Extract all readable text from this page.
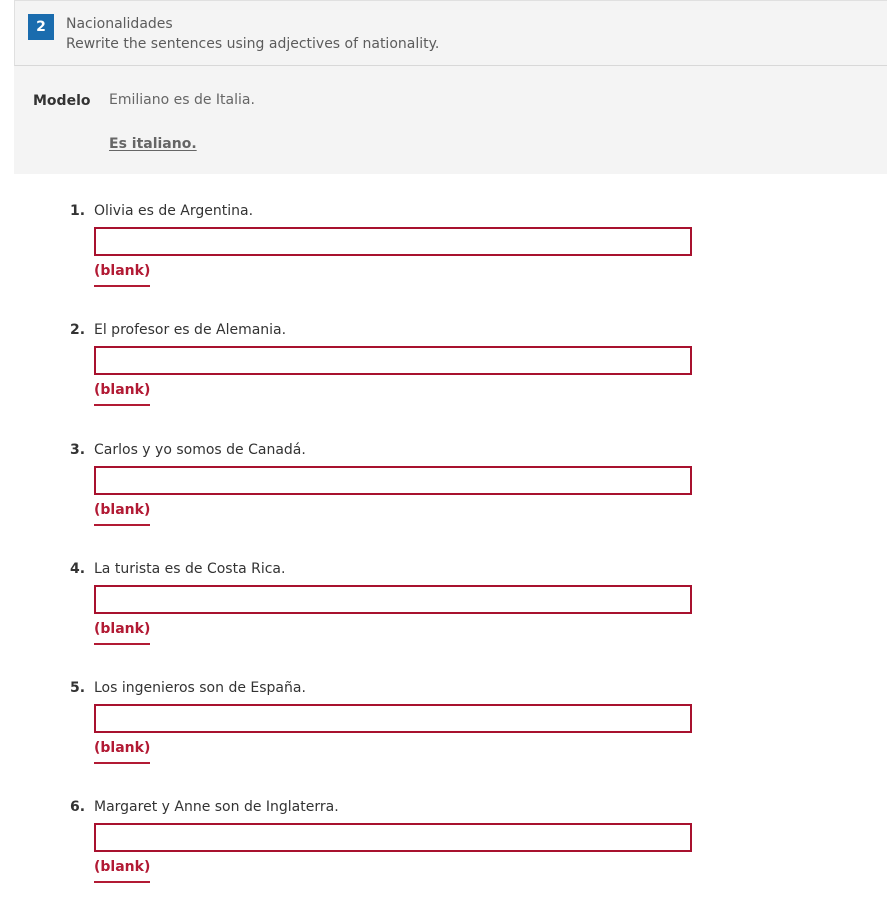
2	Nacionalidades
Rewrite the sentences using adjectives of nationality.
Modelo Emiliano es de Italia.
Es italiano.
1. Olivia es de Argentina.
(blank)
2. El profesor es de Alemania.
(blank)
3. Carlos y yo somos de Canadá.
(blank)
4. La turista es de Costa Rica.
(blank)
5. Los ingenieros son de España.
(blank)
6. Margaret y Anne son de Inglaterra.
(blank)
